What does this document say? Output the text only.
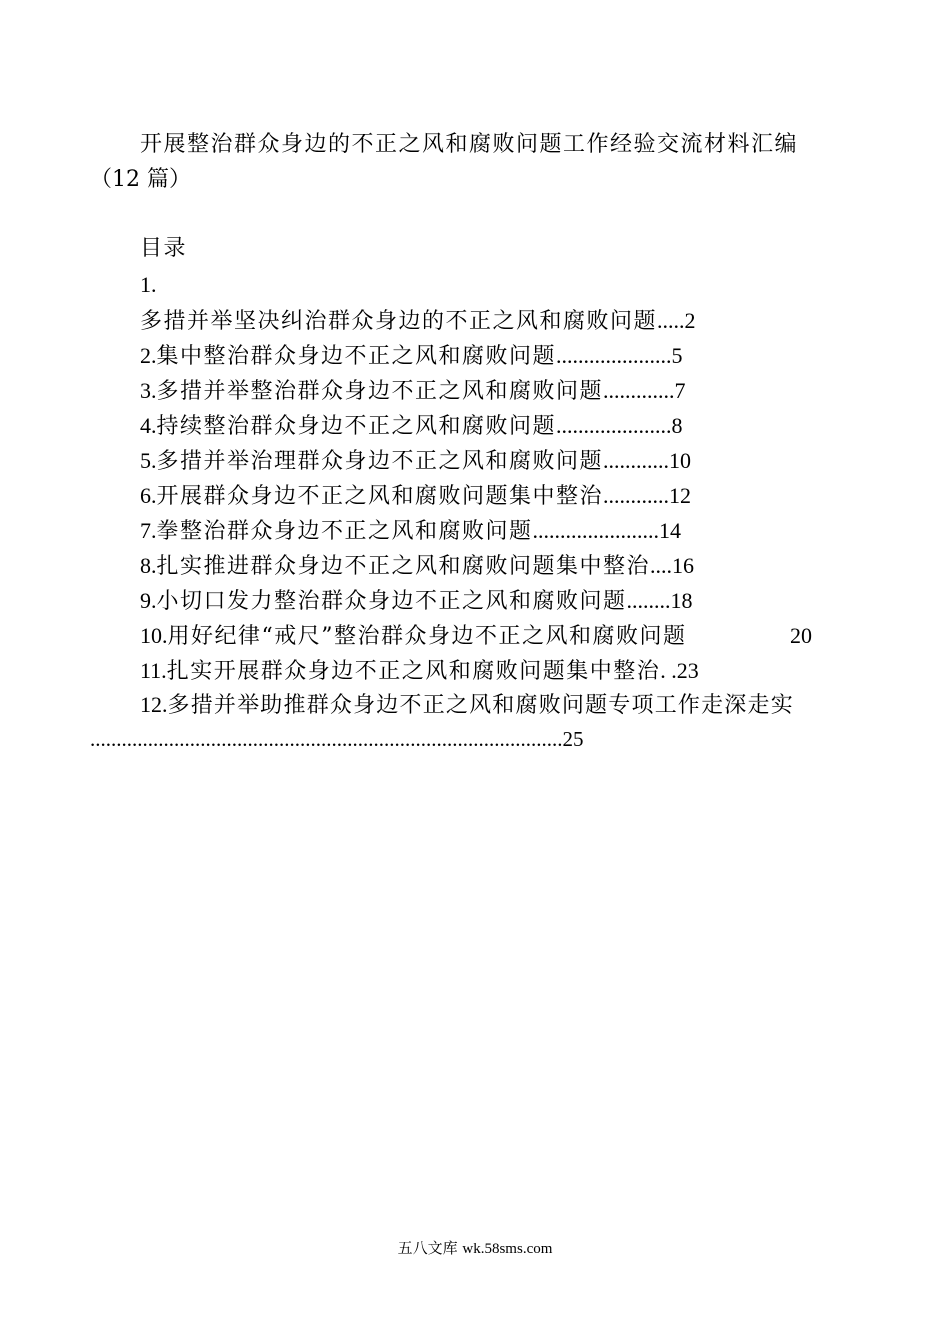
开展整治群众身边的不正之风和腐败问题工作经验交流材料汇编
（12 篇）
目录
1.
多措并举坚决纠治群众身边的不正之风和腐败问题.....2
2.集中整治群众身边不正之风和腐败问题.....................5
3.多措并举整治群众身边不正之风和腐败问题.............7
4.持续整治群众身边不正之风和腐败问题.....................8
5.多措并举治理群众身边不正之风和腐败问题............10
6.开展群众身边不正之风和腐败问题集中整治............12
7.拳整治群众身边不正之风和腐败问题.......................14
8.扎实推进群众身边不正之风和腐败问题集中整治....16
9.小切口发力整治群众身边不正之风和腐败问题........18
10.用好纪律“戒尺”整治群众身边不正之风和腐败问题	20
11.扎实开展群众身边不正之风和腐败问题集中整治. .23
12.多措并举助推群众身边不正之风和腐败问题专项工作走深走实
..........................................................................................25
五八文库 wk.58sms.com
